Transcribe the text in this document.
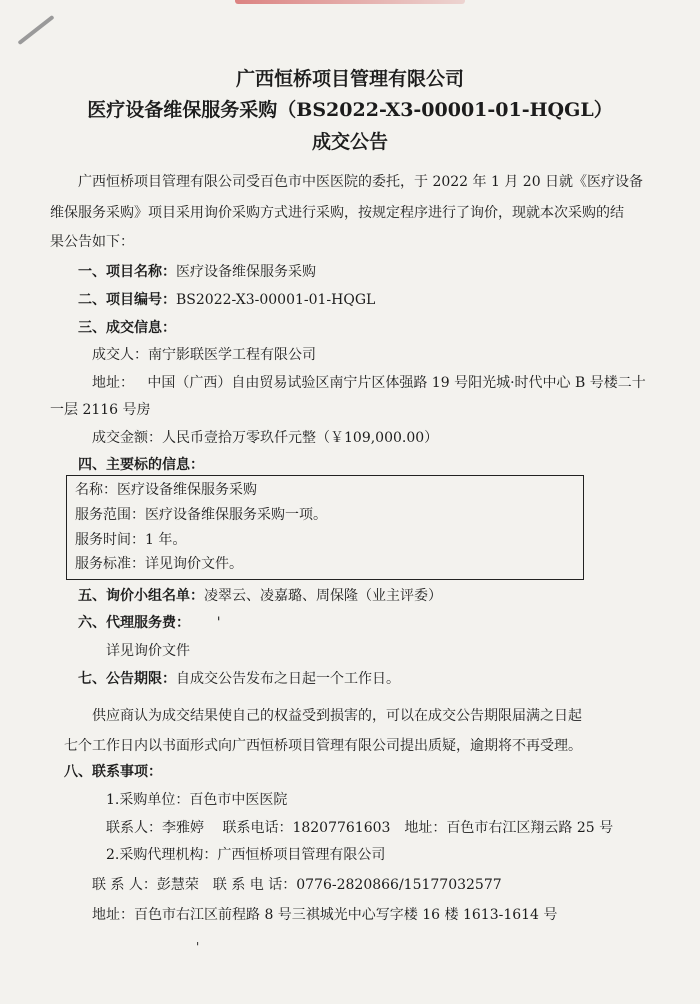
广西恒桥项目管理有限公司
医疗设备维保服务采购（BS2022-X3-00001-01-HQGL）
成交公告
广西恒桥项目管理有限公司受百色市中医医院的委托，于 2022 年 1 月 20 日就《医疗设备
维保服务采购》项目采用询价采购方式进行采购，按规定程序进行了询价，现就本次采购的结
果公告如下：
一、项目名称：医疗设备维保服务采购
二、项目编号：BS2022-X3-00001-01-HQGL
三、成交信息：
成交人：南宁影联医学工程有限公司
地址： 中国（广西）自由贸易试验区南宁片区体强路 19 号阳光城·时代中心 B 号楼二十
一层 2116 号房
成交金额：人民币壹拾万零玖仟元整（￥109,000.00）
四、主要标的信息：
名称：医疗设备维保服务采购
服务范围：医疗设备维保服务采购一项。
服务时间：1 年。
服务标准：详见询价文件。
五、询价小组名单：凌翠云、凌嘉璐、周保隆（业主评委）
六、代理服务费： '
详见询价文件
七、公告期限：自成交公告发布之日起一个工作日。
供应商认为成交结果使自己的权益受到损害的，可以在成交公告期限届满之日起
七个工作日内以书面形式向广西恒桥项目管理有限公司提出质疑，逾期将不再受理。
八、联系事项：
1.采购单位：百色市中医医院
联系人：李雅婷　 联系电话：18207761603　地址：百色市右江区翔云路 25 号
2.采购代理机构：广西恒桥项目管理有限公司
联 系 人：彭慧荣　联 系 电 话：0776-2820866/15177032577
地址：百色市右江区前程路 8 号三祺城光中心写字楼 16 楼 1613-1614 号
'
